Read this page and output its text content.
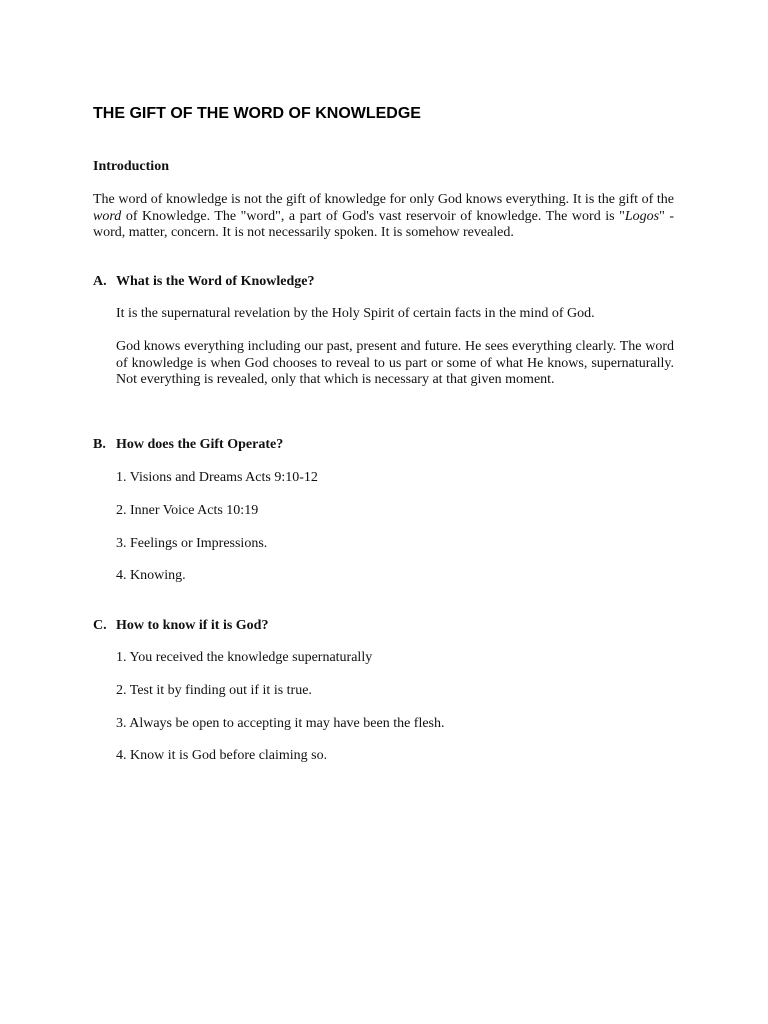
THE GIFT OF THE WORD OF KNOWLEDGE
Introduction

The word of knowledge is not the gift of knowledge for only God knows everything. It is the gift of the word of Knowledge. The "word", a part of God's vast reservoir of knowledge. The word is "Logos" - word, matter, concern. It is not necessarily spoken. It is somehow revealed.

A. What is the Word of Knowledge?

It is the supernatural revelation by the Holy Spirit of certain facts in the mind of God.

God knows everything including our past, present and future. He sees everything clearly. The word of knowledge is when God chooses to reveal to us part or some of what He knows, supernaturally. Not everything is revealed, only that which is necessary at that given moment.

B. How does the Gift Operate?

1. Visions and Dreams Acts 9:10-12

2. Inner Voice Acts 10:19

3. Feelings or Impressions.

4. Knowing.

C. How to know if it is God?

1. You received the knowledge supernaturally

2. Test it by finding out if it is true.

3. Always be open to accepting it may have been the flesh.

4. Know it is God before claiming so.
